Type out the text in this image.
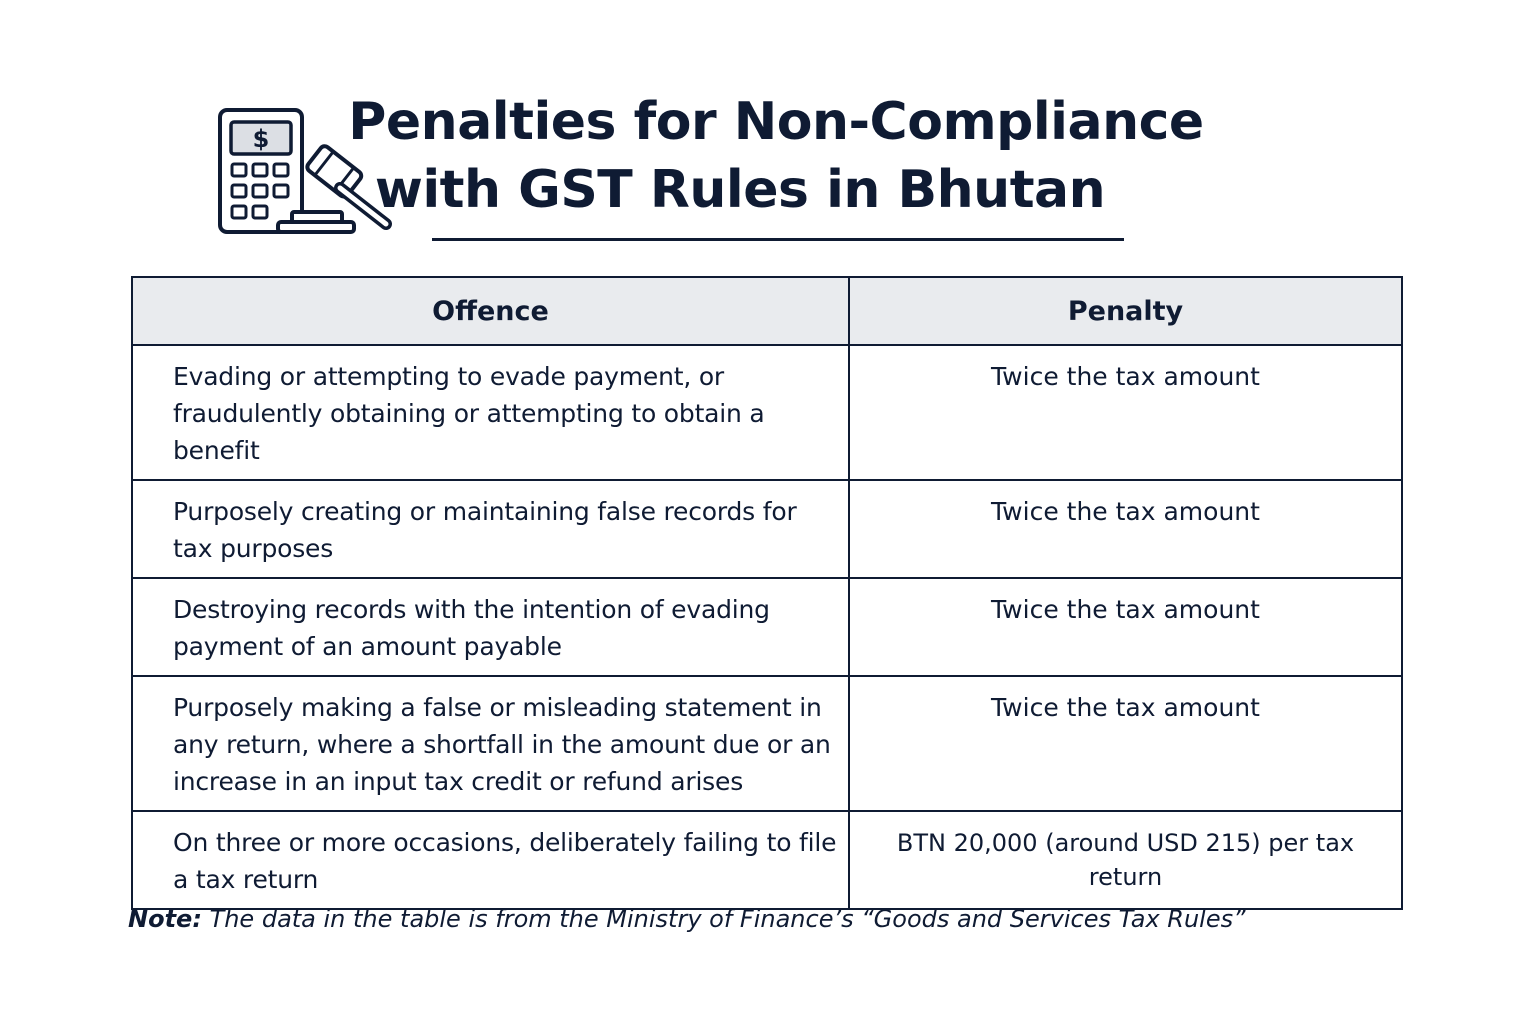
$ Penalties for Non-Compliance
with GST Rules in Bhutan
Offence	Penalty
Evading or attempting to evade payment, or fraudulently obtaining or attempting to obtain a benefit	Twice the tax amount
Purposely creating or maintaining false records for tax purposes	Twice the tax amount
Destroying records with the intention of evading payment of an amount payable	Twice the tax amount
Purposely making a false or misleading statement in any return, where a shortfall in the amount due or an increase in an input tax credit or refund arises	Twice the tax amount
On three or more occasions, deliberately failing to file a tax return	BTN 20,000 (around USD 215) per tax return
Note: The data in the table is from the Ministry of Finance’s “Goods and Services Tax Rules”
